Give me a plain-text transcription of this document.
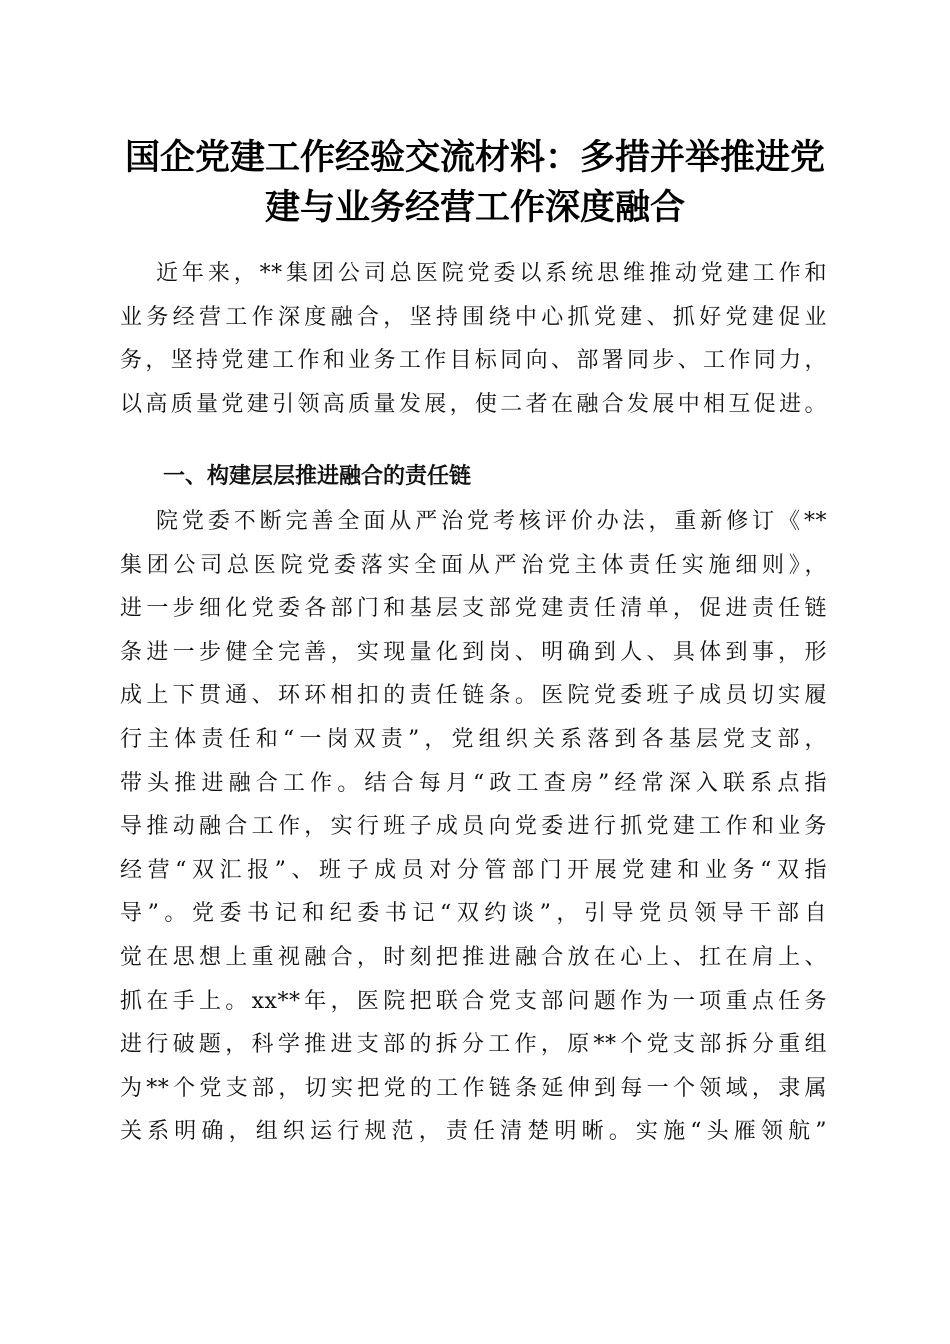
国企党建工作经验交流材料：多措并举推进党
建与业务经营工作深度融合
近年来，**集团公司总医院党委以系统思维推动党建工作和
业务经营工作深度融合，坚持围绕中心抓党建、抓好党建促业
务，坚持党建工作和业务工作目标同向、部署同步、工作同力，
以高质量党建引领高质量发展，使二者在融合发展中相互促进。
一、构建层层推进融合的责任链
院党委不断完善全面从严治党考核评价办法，重新修订《**
集团公司总医院党委落实全面从严治党主体责任实施细则》，
进一步细化党委各部门和基层支部党建责任清单，促进责任链
条进一步健全完善，实现量化到岗、明确到人、具体到事，形
成上下贯通、环环相扣的责任链条。医院党委班子成员切实履
行主体责任和“一岗双责”，党组织关系落到各基层党支部，
带头推进融合工作。结合每月“政工查房”经常深入联系点指
导推动融合工作，实行班子成员向党委进行抓党建工作和业务
经营“双汇报”、班子成员对分管部门开展党建和业务“双指
导”。党委书记和纪委书记“双约谈”，引导党员领导干部自
觉在思想上重视融合，时刻把推进融合放在心上、扛在肩上、
抓在手上。xx**年，医院把联合党支部问题作为一项重点任务
进行破题，科学推进支部的拆分工作，原**个党支部拆分重组
为**个党支部，切实把党的工作链条延伸到每一个领域，隶属
关系明确，组织运行规范，责任清楚明晰。实施“头雁领航”
